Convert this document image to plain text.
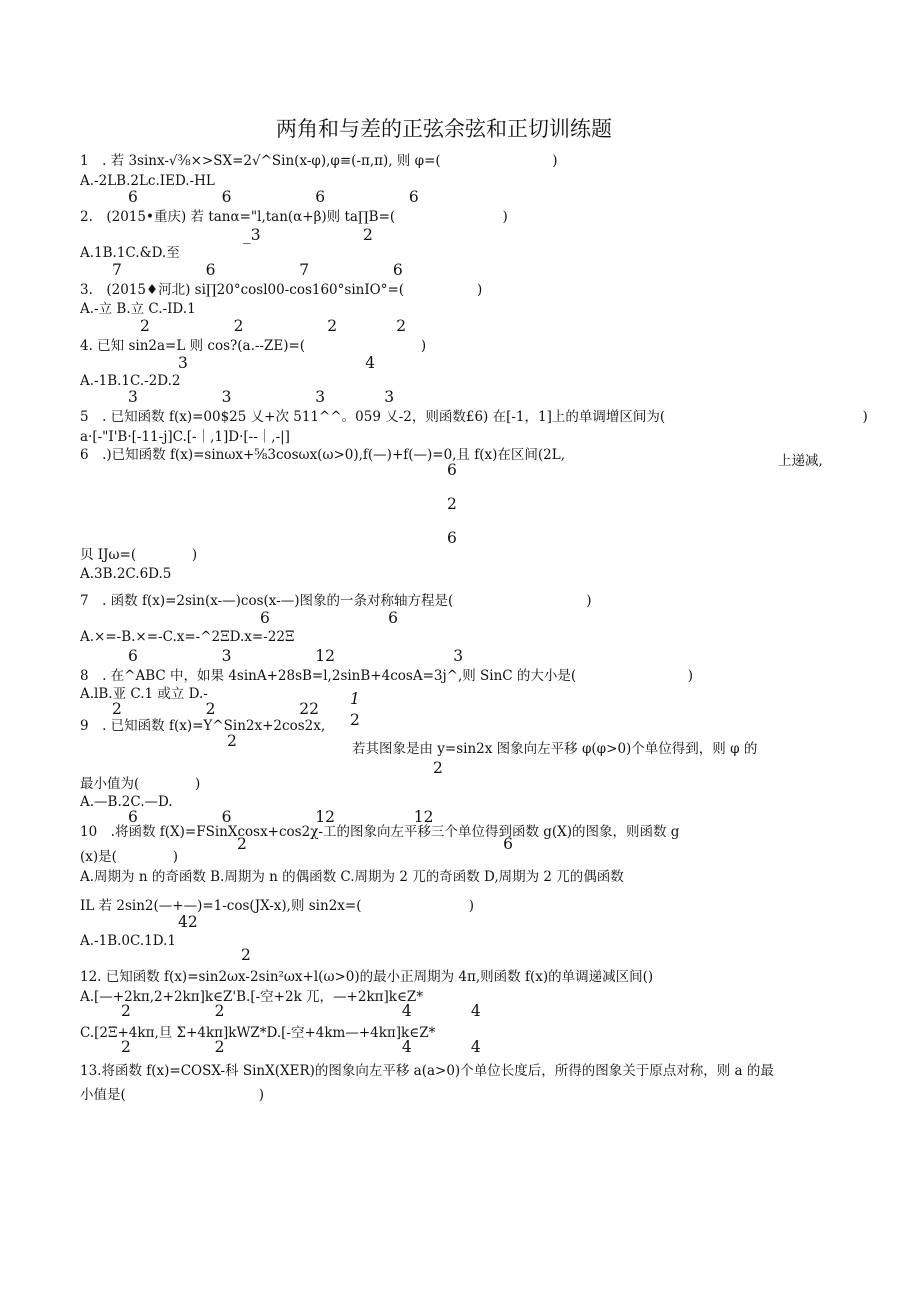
两角和与差的正弦余弦和正切训练题
1　. 若 3sinx-√⅜×>SX=2√^Sin(x-φ),φ≡(-π,π), 则 φ=(                          )
A.-2LB.2Lc.IED.-HL
6                 6                 6                 6
2.　(2015•重庆) 若 tanα="l,tan(α+β)则 ta∏B=(                         )
_3	2
A.1B.1C.&D.至
7                 6                 7                 6
3.　(2015♦河北) si∏20°cosl00-cos160°sinIO°=(                 )
A.-立 B.立 C.-ID.1
2                 2                 2            2
4. 已知 sin2a=L 则 cos?(a.--ZE)=(                           )
3                                    4
A.-1B.1C.-2D.2
3                 3                 3            3
5　. 已知函数 f(x)=00$25 乂+次 511^^。059 乂-2，则函数£6) 在[-1，1]上的单调增区间为(                                              )
a·[-"I'B·[-11-j]C.[-｜,1]D·[--｜,-|]
6　.)已知函数 f(x)=sinωx+⅝3cosωx(ω>0),f(—)+f(—)=0,且 f(x)在区间(2L,	上递减,
6
2
6
贝 IJω=(             )
A.3B.2C.6D.5
7　. 函数 f(x)=2sin(x-—)cos(x-—)图象的一条对称轴方程是(                               )
6                        6
A.×=-B.×=-C.x=-^2ΞD.x=-22Ξ
6                 3                 12                        3
8　. 在^ABC 中，如果 4sinA+28sB=l,2sinB+4cosA=3j^,则 SinC 的大小是(                          )
A.lB.亚 C.1 或立 D.-	1
2                 2                 22
2
9　. 已知函数 f(x)=Y^Sin2x+2cos2x,
2	若其图象是由 y=sin2x 图象向左平移 φ(φ>0)个单位得到，则 φ 的
2
最小值为(             )
A.—B.2C.—D.
6                 6                 12                12
10　.将函数 f(X)=FSinXcosx+cos2χ-工的图象向左平移三个单位得到函数 g(X)的图象，则函数 g
2                                                    6
(x)是(             )
A.周期为 n 的奇函数 B.周期为 n 的偶函数 C.周期为 2 兀的奇函数 D,周期为 2 兀的偶函数
IL 若 2sin2(—+—)=1-cos(JX-x),则 sin2x=(                         )
42
A.-1B.0C.1D.1
2
12. 已知函数 f(x)=sin2ωx-2sin²ωx+l(ω>0)的最小正周期为 4π,则函数 f(x)的单调递减区间()
A.[—+2kπ,2+2kπ]k∈Z'B.[-空+2k 兀，—+2kπ]k∈Z*
2                 2                                    4            4
C.[2Ξ+4kπ,旦 Σ+4kπ]kWZ*D.[-空+4km—+4kπ]k∈Z*
2                 2                                    4            4
13.将函数 f(x)=COSX-科 SinX(XER)的图象向左平移 a(a>0)个单位长度后，所得的图象关于原点对称，则 a 的最
小值是(                               )
